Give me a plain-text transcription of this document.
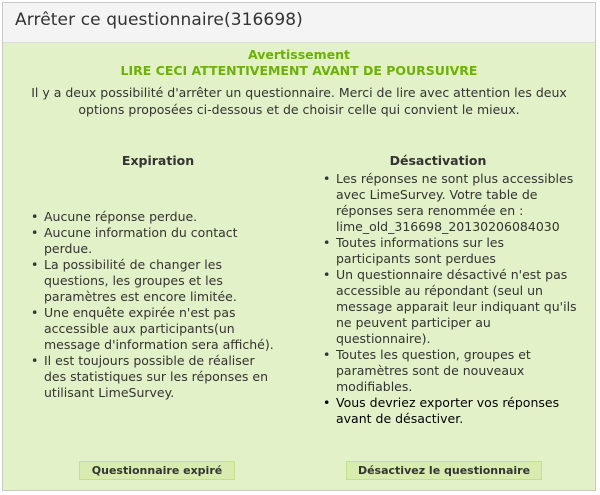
Arrêter ce questionnaire(316698)
Avertissement
LIRE CECI ATTENTIVEMENT AVANT DE POURSUIVRE
Il y a deux possibilité d'arrêter un questionnaire. Merci de lire avec attention les deux options proposées ci-dessous et de choisir celle qui convient le mieux.
Expiration	Désactivation
• Aucune réponse perdue.
• Aucune information du contact perdue.
• La possibilité de changer les questions, les groupes et les paramètres est encore limitée.
• Une enquête expirée n'est pas accessible aux participants(un message d'information sera affiché).
• Il est toujours possible de réaliser des statistiques sur les réponses en utilisant LimeSurvey.
• Les réponses ne sont plus accessibles avec LimeSurvey. Votre table de réponses sera renommée en : lime_old_316698_20130206084030
• Toutes informations sur les participants sont perdues
• Un questionnaire désactivé n'est pas accessible au répondant (seul un message apparait leur indiquant qu'ils ne peuvent participer au questionnaire).
• Toutes les question, groupes et paramètres sont de nouveaux modifiables.
• Vous devriez exporter vos réponses avant de désactiver.
Questionnaire expiré	Désactivez le questionnaire
